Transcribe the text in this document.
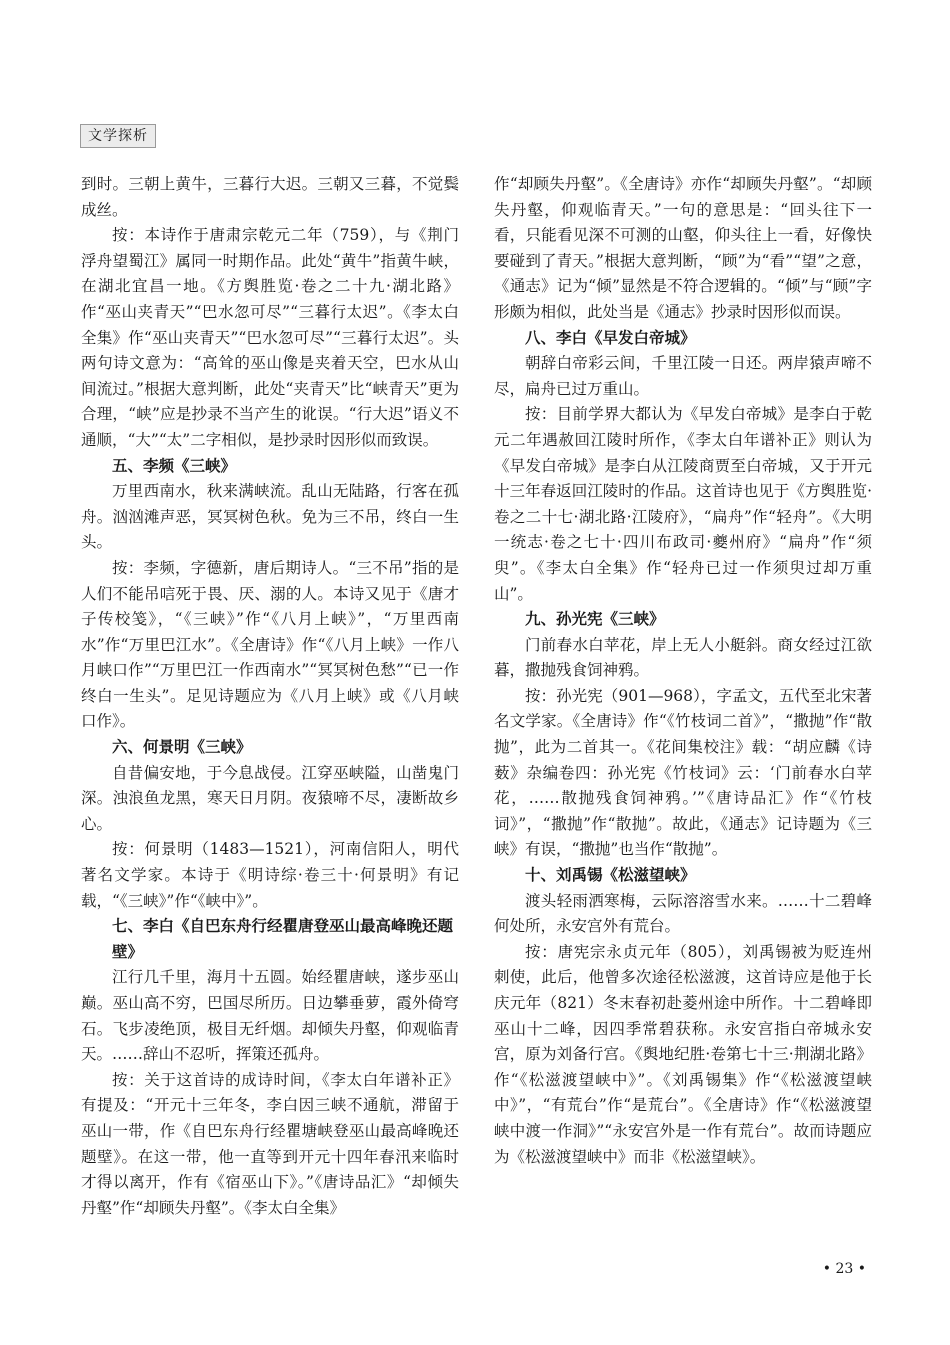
文学探析

到时。三朝上黄牛，三暮行大迟。三朝又三暮，不觉鬓成丝。

按：本诗作于唐肃宗乾元二年（759），与《荆门浮舟望蜀江》属同一时期作品。此处“黄牛”指黄牛峡，在湖北宜昌一地。《方舆胜览·卷之二十九·湖北路》作“巫山夹青天”“巴水忽可尽”“三暮行太迟”。《李太白全集》作“巫山夹青天”“巴水忽可尽”“三暮行太迟”。头两句诗文意为：“高耸的巫山像是夹着天空，巴水从山间流过。”根据大意判断，此处“夹青天”比“峡青天”更为合理，“峡”应是抄录不当产生的讹误。“行大迟”语义不通顺，“大”“太”二字相似，是抄录时因形似而致误。

五、李频《三峡》

万里西南水，秋来满峡流。乱山无陆路，行客在孤舟。汹汹滩声恶，冥冥树色秋。免为三不吊，终白一生头。

按：李频，字德新，唐后期诗人。“三不吊”指的是人们不能吊唁死于畏、厌、溺的人。本诗又见于《唐才子传校笺》，“《三峡》”作“《八月上峡》”，“万里西南水”作“万里巴江水”。《全唐诗》作“《八月上峡》一作八月峡口作”“万里巴江一作西南水”“冥冥树色愁”“已一作终白一生头”。足见诗题应为《八月上峡》或《八月峡口作》。

六、何景明《三峡》

自昔偏安地，于今息战侵。江穿巫峡隘，山凿鬼门深。浊浪鱼龙黑，寒天日月阴。夜猿啼不尽，凄断故乡心。

按：何景明（1483—1521），河南信阳人，明代著名文学家。本诗于《明诗综·卷三十·何景明》有记载，“《三峡》”作“《峡中》”。

七、李白《自巴东舟行经瞿唐登巫山最高峰晚还题壁》

江行几千里，海月十五圆。始经瞿唐峡，遂步巫山巅。巫山高不穷，巴国尽所历。日边攀垂萝，霞外倚穹石。飞步凌绝顶，极目无纤烟。却倾失丹壑，仰观临青天。……辞山不忍听，挥策还孤舟。

按：关于这首诗的成诗时间，《李太白年谱补正》有提及：“开元十三年冬，李白因三峡不通航，滞留于巫山一带，作《自巴东舟行经瞿塘峡登巫山最高峰晚还题壁》。在这一带，他一直等到开元十四年春汛来临时才得以离开，作有《宿巫山下》。”《唐诗品汇》“却倾失丹壑”作“却顾失丹壑”。《李太白全集》

作“却顾失丹壑”。《全唐诗》亦作“却顾失丹壑”。“却顾失丹壑，仰观临青天。”一句的意思是：“回头往下一看，只能看见深不可测的山壑，仰头往上一看，好像快要碰到了青天。”根据大意判断，“顾”为“看”“望”之意，《通志》记为“倾”显然是不符合逻辑的。“倾”与“顾”字形颇为相似，此处当是《通志》抄录时因形似而误。

八、李白《早发白帝城》

朝辞白帝彩云间，千里江陵一日还。两岸猿声啼不尽，扁舟已过万重山。

按：目前学界大都认为《早发白帝城》是李白于乾元二年遇赦回江陵时所作，《李太白年谱补正》则认为《早发白帝城》是李白从江陵商贾至白帝城，又于开元十三年春返回江陵时的作品。这首诗也见于《方舆胜览·卷之二十七·湖北路·江陵府》，“扁舟”作“轻舟”。《大明一统志·卷之七十·四川布政司·夔州府》“扁舟”作“须臾”。《李太白全集》作“轻舟已过一作须臾过却万重山”。

九、孙光宪《三峡》

门前春水白苹花，岸上无人小艇斜。商女经过江欲暮，撒抛残食饲神鸦。

按：孙光宪（901—968），字孟文，五代至北宋著名文学家。《全唐诗》作“《竹枝词二首》”，“撒抛”作“散抛”，此为二首其一。《花间集校注》载：“胡应麟《诗薮》杂编卷四：孙光宪《竹枝词》云：‘门前春水白苹花，……散抛残食饲神鸦。’”《唐诗品汇》作“《竹枝词》”，“撒抛”作“散抛”。故此，《通志》记诗题为《三峡》有误，“撒抛”也当作“散抛”。

十、刘禹锡《松滋望峡》

渡头轻雨洒寒梅，云际溶溶雪水来。……十二碧峰何处所，永安宫外有荒台。

按：唐宪宗永贞元年（805），刘禹锡被为贬连州刺使，此后，他曾多次途径松滋渡，这首诗应是他于长庆元年（821）冬末春初赴菱州途中所作。十二碧峰即巫山十二峰，因四季常碧获称。永安宫指白帝城永安宫，原为刘备行宫。《舆地纪胜·卷第七十三·荆湖北路》作“《松滋渡望峡中》”。《刘禹锡集》作“《松滋渡望峡中》”，“有荒台”作“是荒台”。《全唐诗》作“《松滋渡望峡中渡一作洞》”“永安宫外是一作有荒台”。故而诗题应为《松滋渡望峡中》而非《松滋望峡》。

• 23 •
